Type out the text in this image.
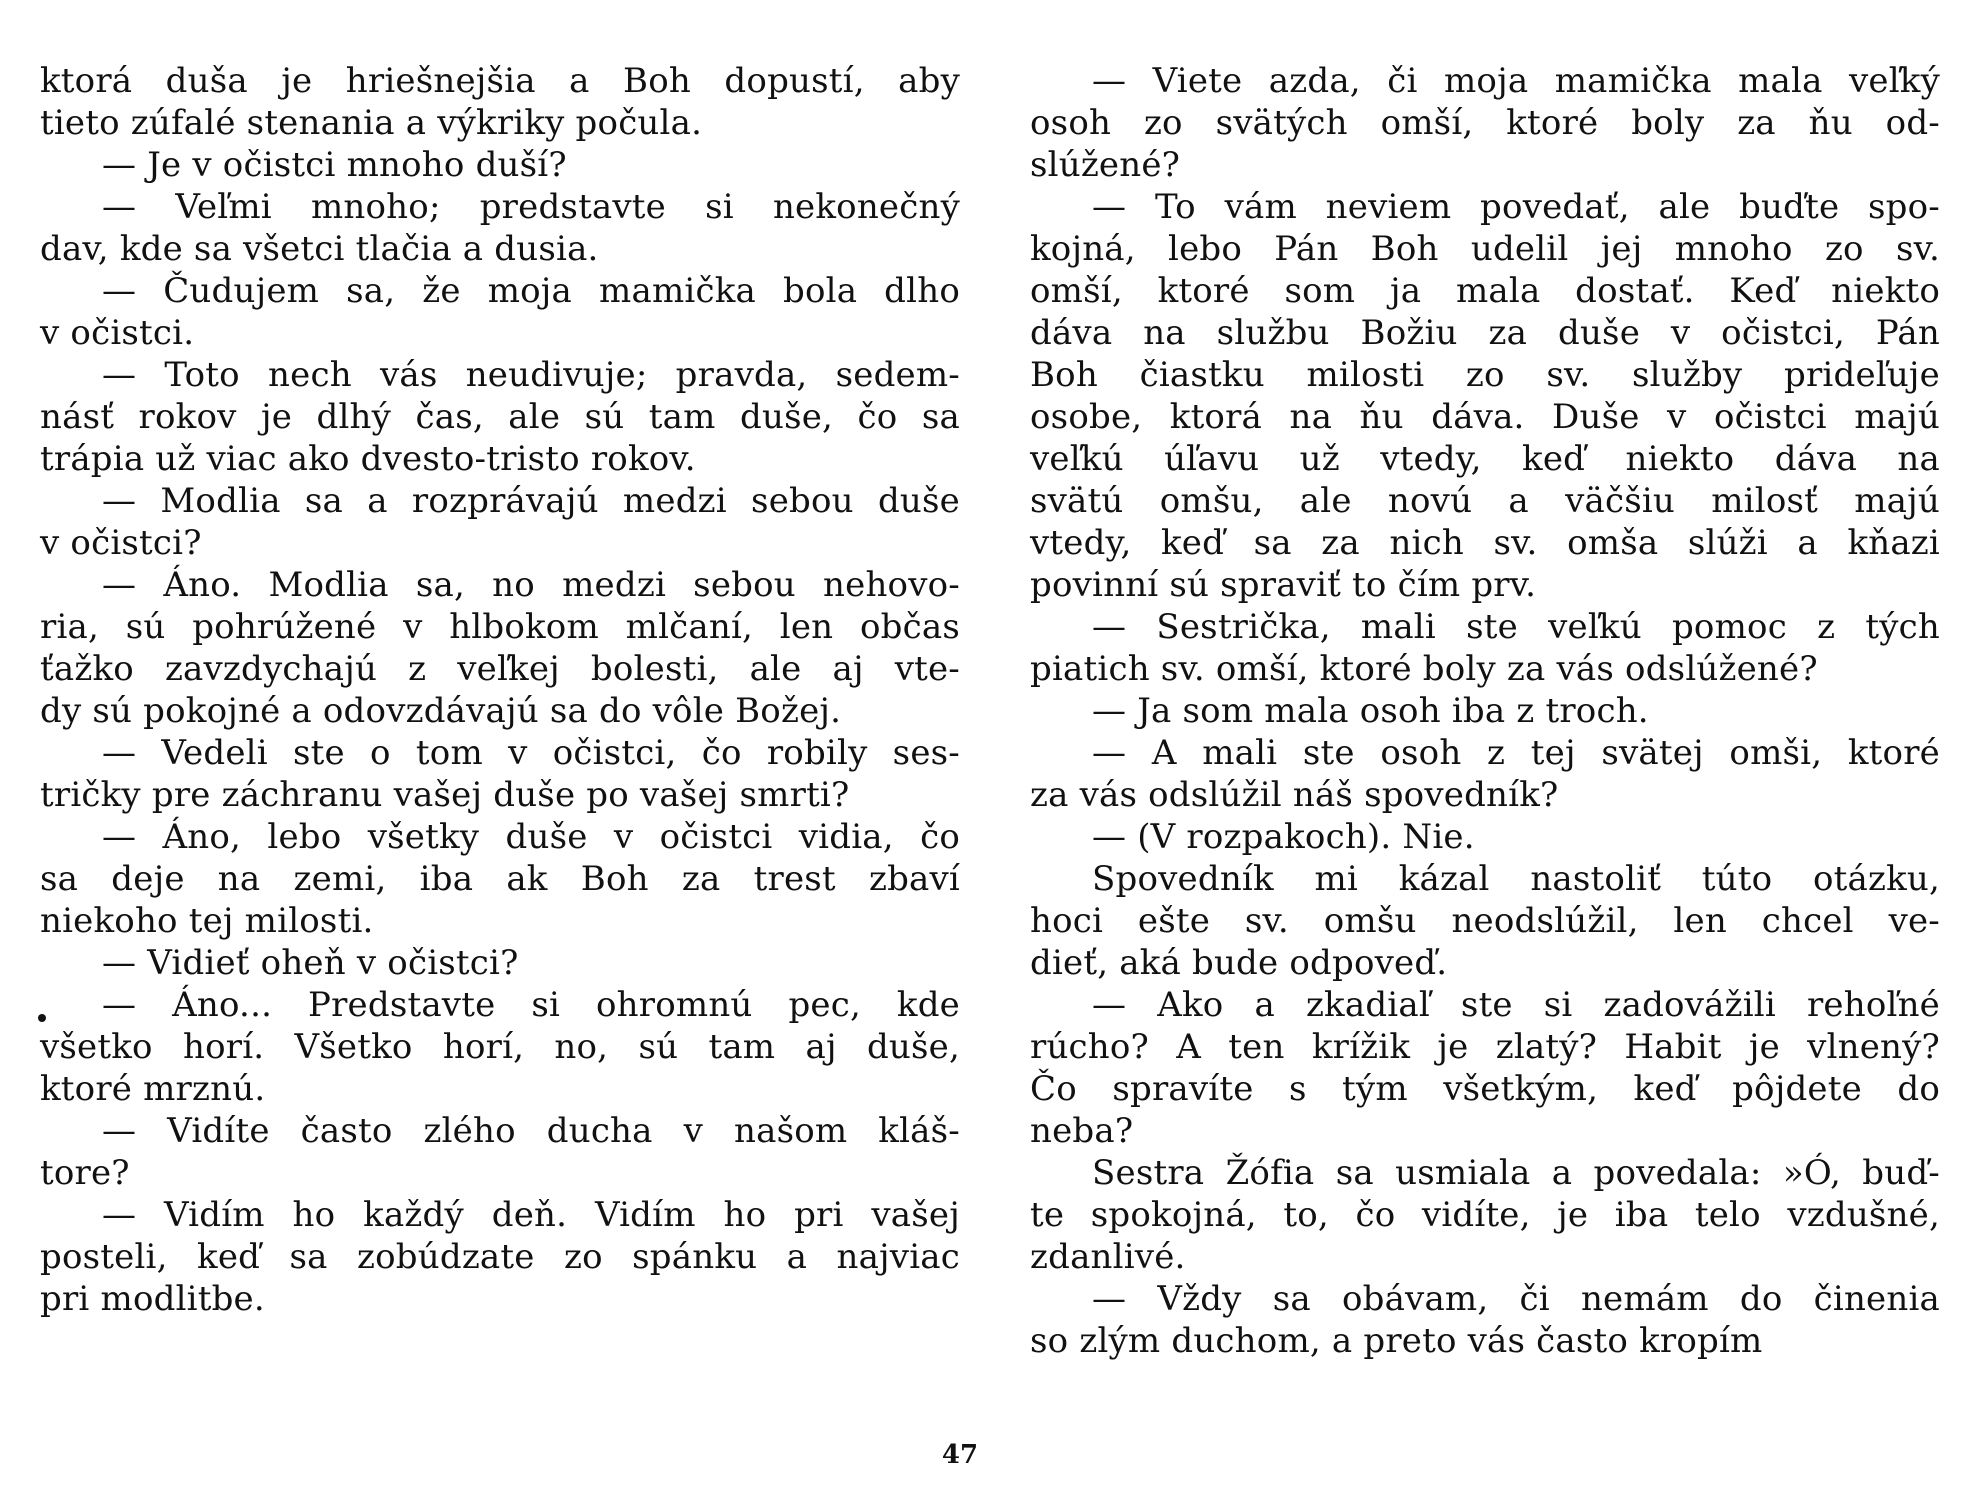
ktorá duša je hriešnejšia a Boh dopustí, aby
tieto zúfalé stenania a výkriky počula.
— Je v očistci mnoho duší?
— Veľmi mnoho; predstavte si nekonečný
dav, kde sa všetci tlačia a dusia.
— Čudujem sa, že moja mamička bola dlho
v očistci.
— Toto nech vás neudivuje; pravda, sedem-
násť rokov je dlhý čas, ale sú tam duše, čo sa
trápia už viac ako dvesto-tristo rokov.
— Modlia sa a rozprávajú medzi sebou duše
v očistci?
— Áno. Modlia sa, no medzi sebou nehovo-
ria, sú pohrúžené v hlbokom mlčaní, len občas
ťažko zavzdychajú z veľkej bolesti, ale aj vte-
dy sú pokojné a odovzdávajú sa do vôle Božej.
— Vedeli ste o tom v očistci, čo robily ses-
tričky pre záchranu vašej duše po vašej smrti?
— Áno, lebo všetky duše v očistci vidia, čo
sa deje na zemi, iba ak Boh za trest zbaví
niekoho tej milosti.
— Vidieť oheň v očistci?
— Áno... Predstavte si ohromnú pec, kde
všetko horí. Všetko horí, no, sú tam aj duše,
ktoré mrznú.
— Vidíte často zlého ducha v našom kláš-
tore?
— Vidím ho každý deň. Vidím ho pri vašej
posteli, keď sa zobúdzate zo spánku a najviac
pri modlitbe.
— Viete azda, či moja mamička mala veľký
osoh zo svätých omší, ktoré boly za ňu od-
slúžené?
— To vám neviem povedať, ale buďte spo-
kojná, lebo Pán Boh udelil jej mnoho zo sv.
omší, ktoré som ja mala dostať. Keď niekto
dáva na službu Božiu za duše v očistci, Pán
Boh čiastku milosti zo sv. služby prideľuje
osobe, ktorá na ňu dáva. Duše v očistci majú
veľkú úľavu už vtedy, keď niekto dáva na
svätú omšu, ale novú a väčšiu milosť majú
vtedy, keď sa za nich sv. omša slúži a kňazi
povinní sú spraviť to čím prv.
— Sestrička, mali ste veľkú pomoc z tých
piatich sv. omší, ktoré boly za vás odslúžené?
— Ja som mala osoh iba z troch.
— A mali ste osoh z tej svätej omši, ktoré
za vás odslúžil náš spovedník?
— (V rozpakoch). Nie.
Spovedník mi kázal nastoliť túto otázku,
hoci ešte sv. omšu neodslúžil, len chcel ve-
dieť, aká bude odpoveď.
— Ako a zkadiaľ ste si zadovážili rehoľné
rúcho? A ten krížik je zlatý? Habit je vlnený?
Čo spravíte s tým všetkým, keď pôjdete do
neba?
Sestra Žófia sa usmiala a povedala: »Ó, buď-
te spokojná, to, čo vidíte, je iba telo vzdušné,
zdanlivé.
— Vždy sa obávam, či nemám do činenia
so zlým duchom, a preto vás často kropím
47
